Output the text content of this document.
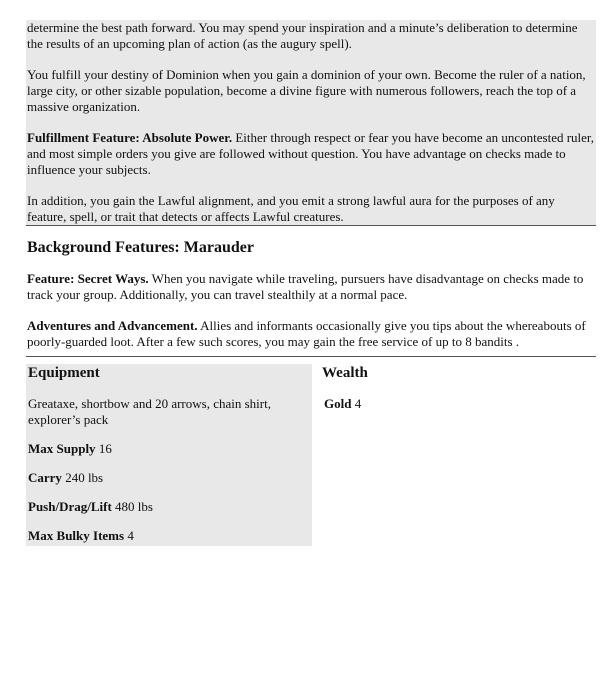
determine the best path forward. You may spend your inspiration and a minute’s deliberation to determine the results of an upcoming plan of action (as the augury spell).

You fulfill your destiny of Dominion when you gain a dominion of your own. Become the ruler of a nation, large city, or other sizable population, become a divine figure with numerous followers, reach the top of a massive organization.

Fulfillment Feature: Absolute Power. Either through respect or fear you have become an uncontested ruler, and most simple orders you give are followed without question. You have advantage on checks made to influence your subjects.

In addition, you gain the Lawful alignment, and you emit a strong lawful aura for the purposes of any feature, spell, or trait that detects or affects Lawful creatures.

Background Features: Marauder

Feature: Secret Ways. When you navigate while traveling, pursuers have disadvantage on checks made to track your group. Additionally, you can travel stealthily at a normal pace.

Adventures and Advancement. Allies and informants occasionally give you tips about the whereabouts of poorly-guarded loot. After a few such scores, you may gain the free service of up to 8 bandits .

Equipment

Greataxe, shortbow and 20 arrows, chain shirt, explorer’s pack

Max Supply 16

Carry 240 lbs

Push/Drag/Lift 480 lbs

Max Bulky Items 4

Wealth

Gold 4
